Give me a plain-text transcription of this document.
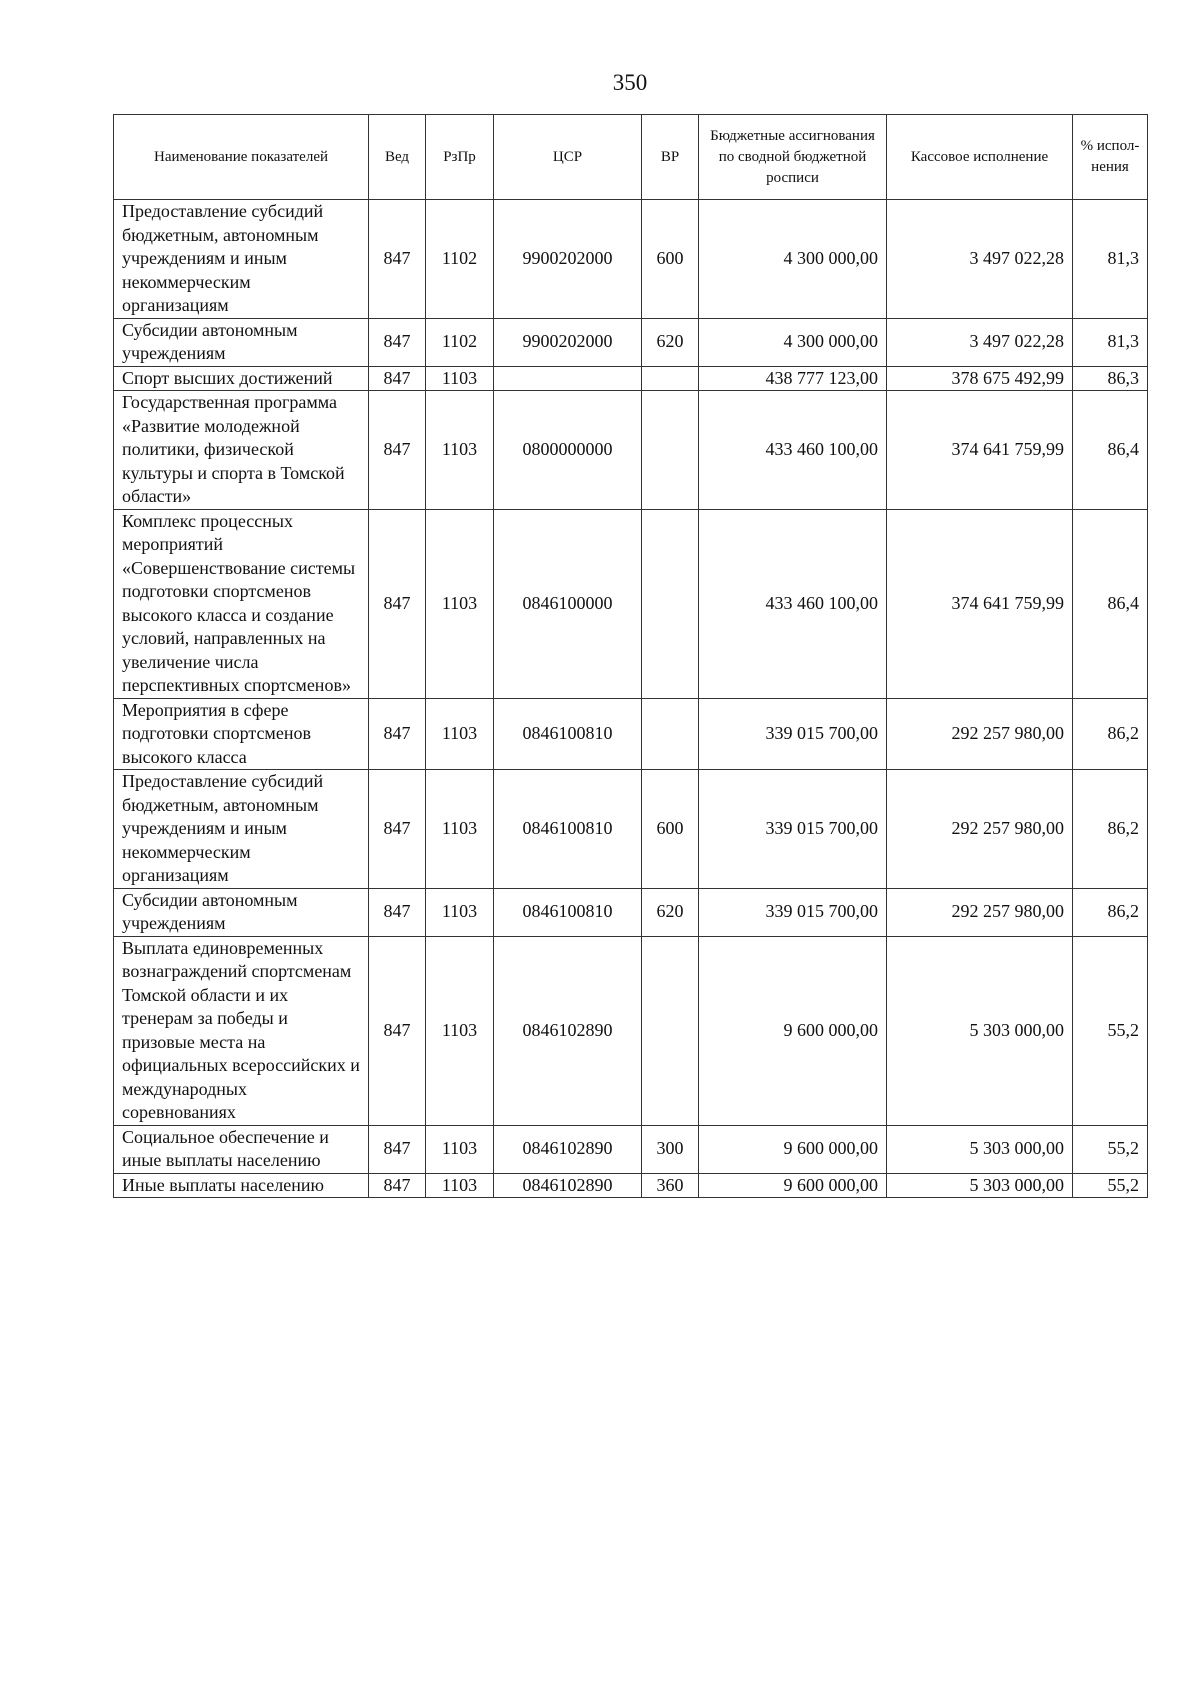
350
Наименование показателей	Вед	РзПр	ЦСР	ВР	Бюджетные ассигнования по сводной бюджетной росписи	Кассовое исполнение	% испол-нения
Предоставление субсидий бюджетным, автономным учреждениям и иным некоммерческим организациям	847	1102	9900202000	600	4 300 000,00	3 497 022,28	81,3
Субсидии автономным учреждениям	847	1102	9900202000	620	4 300 000,00	3 497 022,28	81,3
Спорт высших достижений	847	1103			438 777 123,00	378 675 492,99	86,3
Государственная программа «Развитие молодежной политики, физической культуры и спорта в Томской области»	847	1103	0800000000		433 460 100,00	374 641 759,99	86,4
Комплекс процессных мероприятий «Совершенствование системы подготовки спортсменов высокого класса и создание условий, направленных на увеличение числа перспективных спортсменов»	847	1103	0846100000		433 460 100,00	374 641 759,99	86,4
Мероприятия в сфере подготовки спортсменов высокого класса	847	1103	0846100810		339 015 700,00	292 257 980,00	86,2
Предоставление субсидий бюджетным, автономным учреждениям и иным некоммерческим организациям	847	1103	0846100810	600	339 015 700,00	292 257 980,00	86,2
Субсидии автономным учреждениям	847	1103	0846100810	620	339 015 700,00	292 257 980,00	86,2
Выплата единовременных вознаграждений спортсменам Томской области и их тренерам за победы и призовые места на официальных всероссийских и международных соревнованиях	847	1103	0846102890		9 600 000,00	5 303 000,00	55,2
Социальное обеспечение и иные выплаты населению	847	1103	0846102890	300	9 600 000,00	5 303 000,00	55,2
Иные выплаты населению	847	1103	0846102890	360	9 600 000,00	5 303 000,00	55,2
